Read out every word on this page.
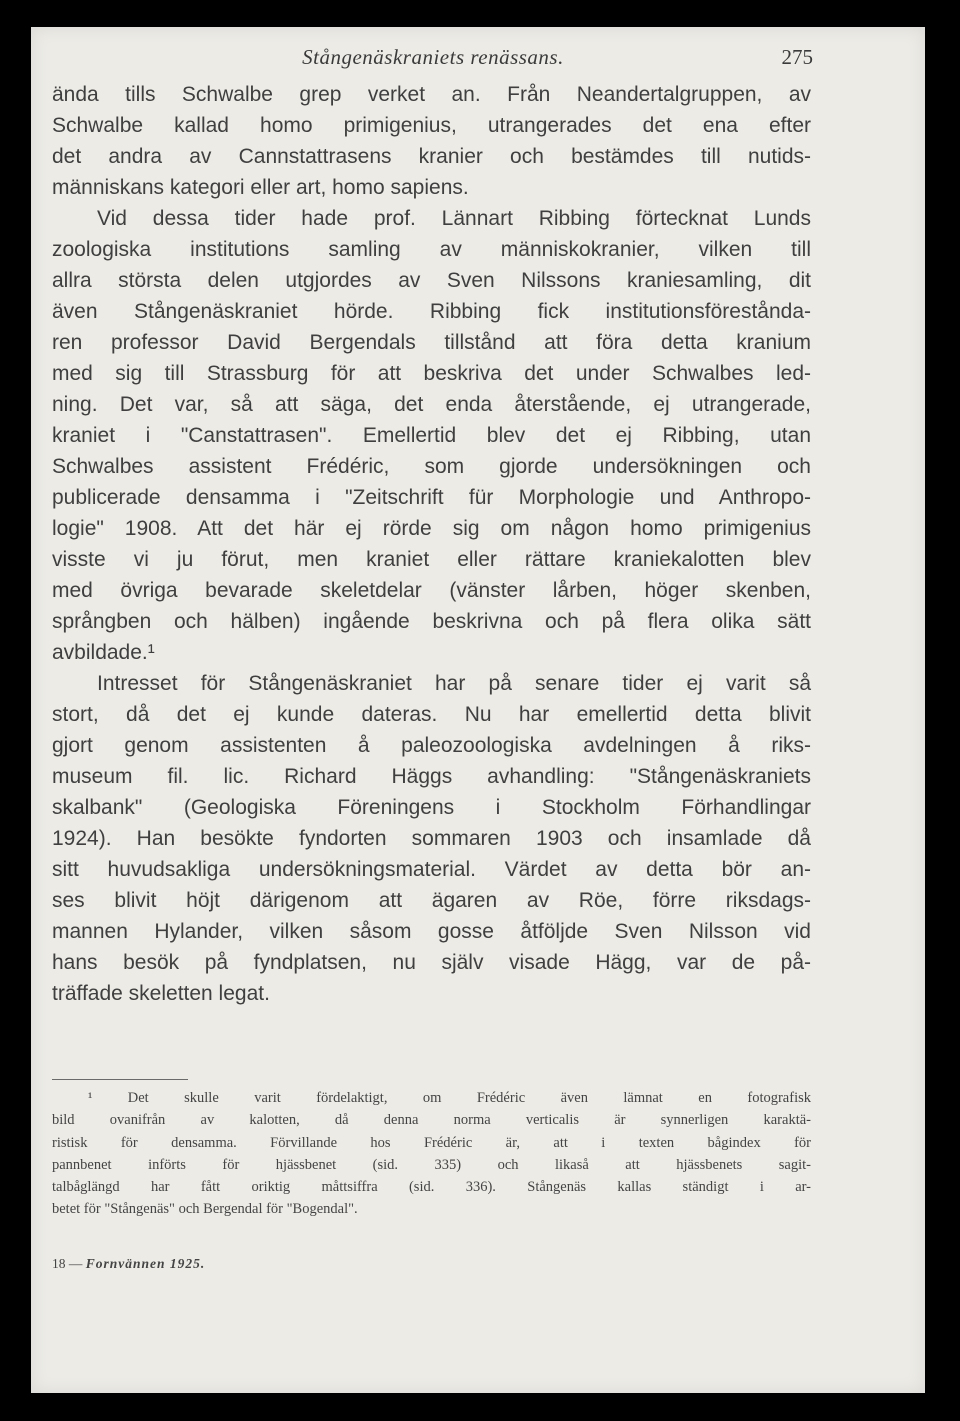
Stångenäskraniets renässans.	275
ända tills Schwalbe grep verket an. Från Neandertalgruppen, av
Schwalbe kallad homo primigenius, utrangerades det ena efter
det andra av Cannstattrasens kranier och bestämdes till nutids-
människans kategori eller art, homo sapiens.
Vid dessa tider hade prof. Lännart Ribbing förtecknat Lunds
zoologiska institutions samling av människokranier, vilken till
allra största delen utgjordes av Sven Nilssons kraniesamling, dit
även Stångenäskraniet hörde. Ribbing fick institutionsförestånda-
ren professor David Bergendals tillstånd att föra detta kranium
med sig till Strassburg för att beskriva det under Schwalbes led-
ning. Det var, så att säga, det enda återstående, ej utrangerade,
kraniet i "Canstattrasen". Emellertid blev det ej Ribbing, utan
Schwalbes assistent Frédéric, som gjorde undersökningen och
publicerade densamma i "Zeitschrift für Morphologie und Anthropo-
logie" 1908. Att det här ej rörde sig om någon homo primigenius
visste vi ju förut, men kraniet eller rättare kraniekalotten blev
med övriga bevarade skeletdelar (vänster lårben, höger skenben,
språngben och hälben) ingående beskrivna och på flera olika sätt
avbildade.¹
Intresset för Stångenäskraniet har på senare tider ej varit så
stort, då det ej kunde dateras. Nu har emellertid detta blivit
gjort genom assistenten å paleozoologiska avdelningen å riks-
museum fil. lic. Richard Häggs avhandling: "Stångenäskraniets
skalbank" (Geologiska Föreningens i Stockholm Förhandlingar
1924). Han besökte fyndorten sommaren 1903 och insamlade då
sitt huvudsakliga undersökningsmaterial. Värdet av detta bör an-
ses blivit höjt därigenom att ägaren av Röe, förre riksdags-
mannen Hylander, vilken såsom gosse åtföljde Sven Nilsson vid
hans besök på fyndplatsen, nu själv visade Hägg, var de på-
träffade skeletten legat.
¹ Det skulle varit fördelaktigt, om Frédéric även lämnat en fotografisk
bild ovanifrån av kalotten, då denna norma verticalis är synnerligen karaktä-
ristisk för densamma. Förvillande hos Frédéric är, att i texten bågindex för
pannbenet införts för hjässbenet (sid. 335) och likaså att hjässbenets sagit-
talbåglängd har fått oriktig måttsiffra (sid. 336). Stångenäs kallas ständigt i ar-
betet för "Stångenäs" och Bergendal för "Bogendal".
18 — Fornvännen 1925.
